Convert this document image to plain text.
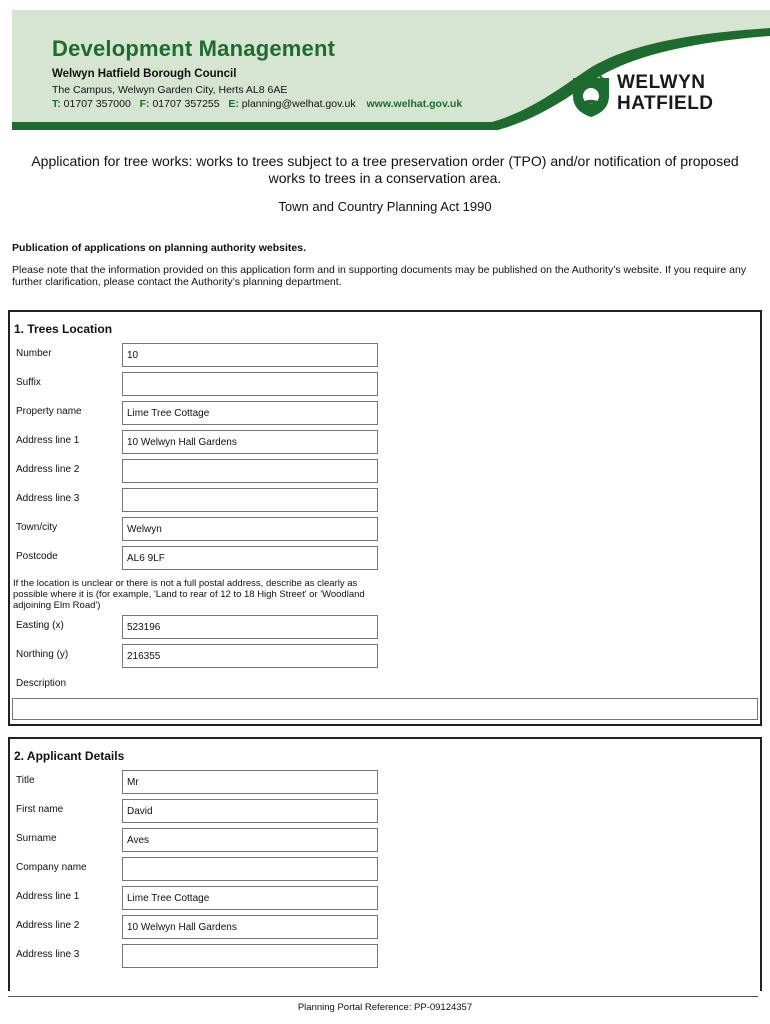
Development Management
Welwyn Hatfield Borough Council
The Campus, Welwyn Garden City, Herts AL8 6AE
T: 01707 357000 F: 01707 357255 E: planning@welhat.gov.uk www.welhat.gov.uk
WELWYN
HATFIELD
Application for tree works: works to trees subject to a tree preservation order (TPO) and/or notification of proposed works to trees in a conservation area.
Town and Country Planning Act 1990
Publication of applications on planning authority websites.
Please note that the information provided on this application form and in supporting documents may be published on the Authority’s website. If you require any further clarification, please contact the Authority’s planning department.
1. Trees Location
Number	10
Suffix
Property name	Lime Tree Cottage
Address line 1	10 Welwyn Hall Gardens
Address line 2
Address line 3
Town/city	Welwyn
Postcode	AL6 9LF
If the location is unclear or there is not a full postal address, describe as clearly as possible where it is (for example, 'Land to rear of 12 to 18 High Street' or 'Woodland adjoining Elm Road')
Easting (x)	523196
Northing (y)	216355
Description
2. Applicant Details
Title	Mr
First name	David
Surname	Aves
Company name
Address line 1	Lime Tree Cottage
Address line 2	10 Welwyn Hall Gardens
Address line 3
Planning Portal Reference: PP-09124357
